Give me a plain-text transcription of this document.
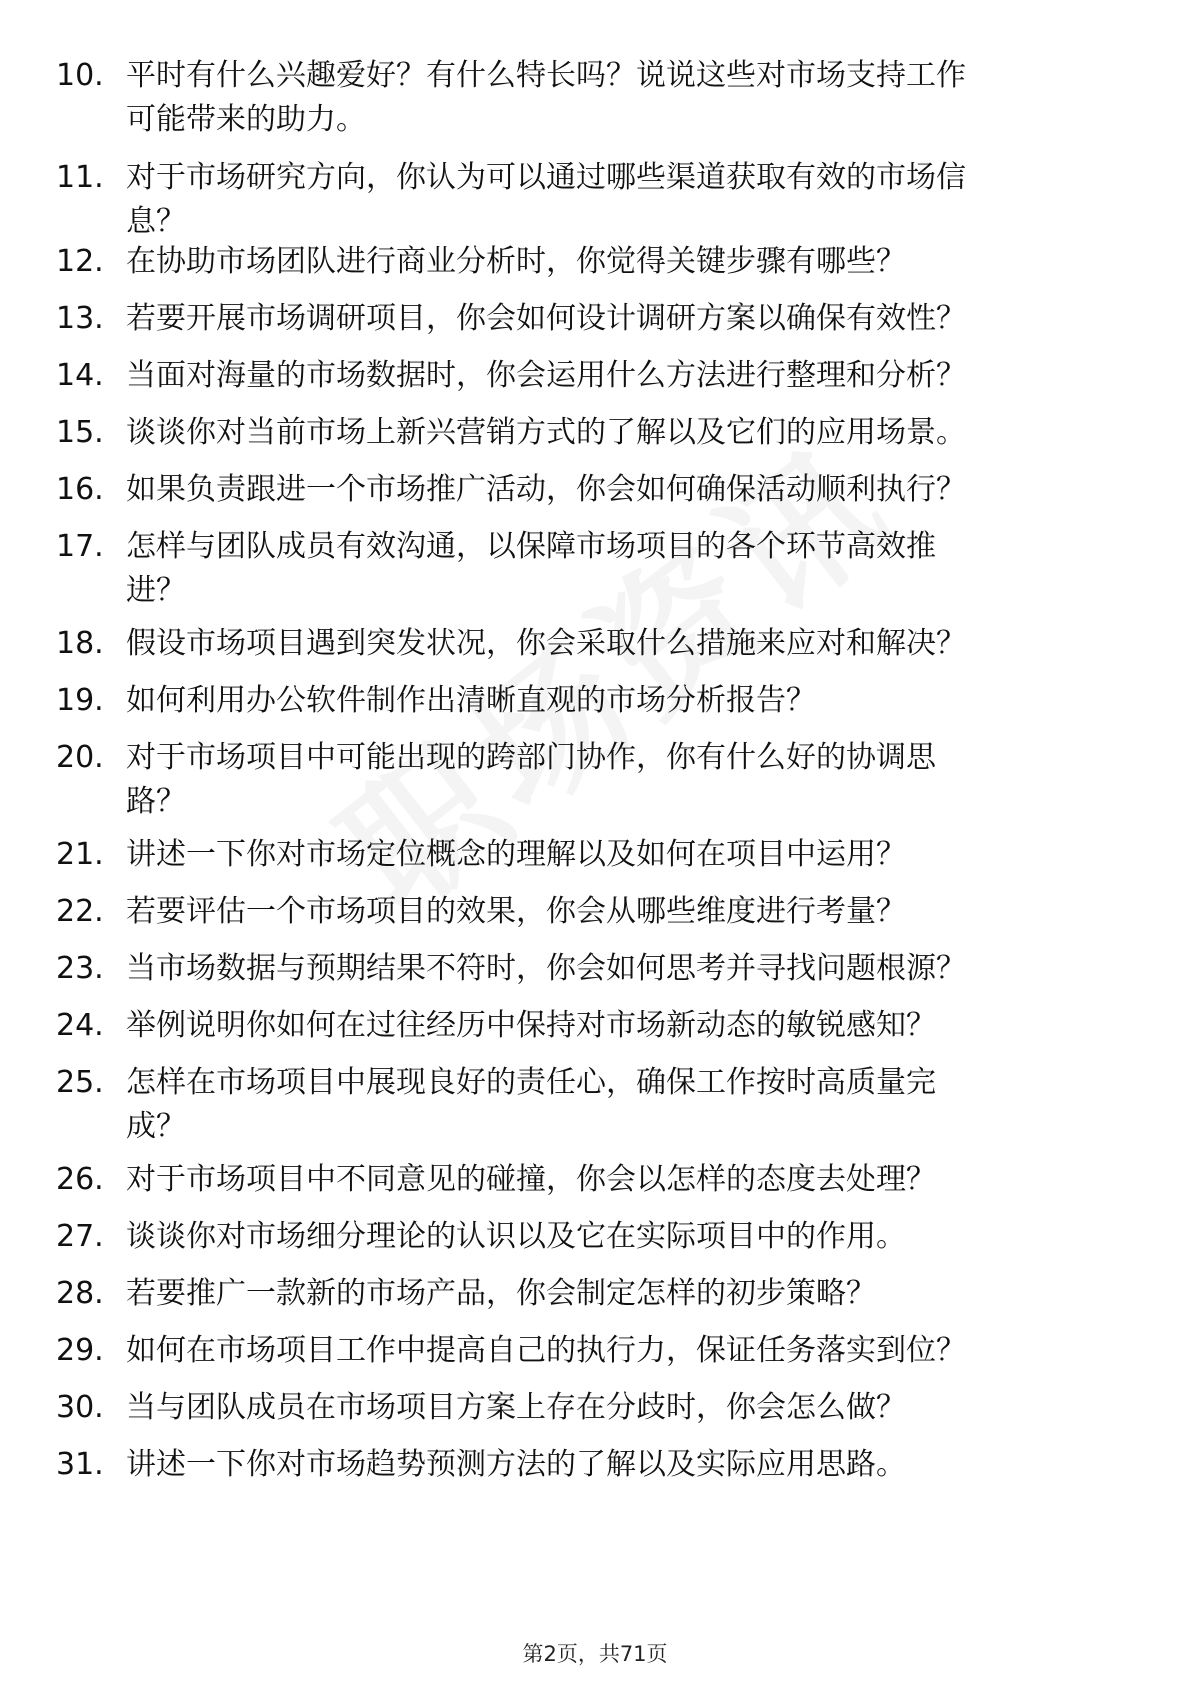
10. 平时有什么兴趣爱好？有什么特长吗？说说这些对市场支持工作
可能带来的助力。
11. 对于市场研究方向，你认为可以通过哪些渠道获取有效的市场信
息？
12. 在协助市场团队进行商业分析时，你觉得关键步骤有哪些？
13. 若要开展市场调研项目，你会如何设计调研方案以确保有效性？
14. 当面对海量的市场数据时，你会运用什么方法进行整理和分析？
15. 谈谈你对当前市场上新兴营销方式的了解以及它们的应用场景。
16. 如果负责跟进一个市场推广活动，你会如何确保活动顺利执行？
17. 怎样与团队成员有效沟通，以保障市场项目的各个环节高效推
进？
18. 假设市场项目遇到突发状况，你会采取什么措施来应对和解决？
19. 如何利用办公软件制作出清晰直观的市场分析报告？
20. 对于市场项目中可能出现的跨部门协作，你有什么好的协调思
路？
21. 讲述一下你对市场定位概念的理解以及如何在项目中运用？
22. 若要评估一个市场项目的效果，你会从哪些维度进行考量？
23. 当市场数据与预期结果不符时，你会如何思考并寻找问题根源？
24. 举例说明你如何在过往经历中保持对市场新动态的敏锐感知？
25. 怎样在市场项目中展现良好的责任心，确保工作按时高质量完
成？
26. 对于市场项目中不同意见的碰撞，你会以怎样的态度去处理？
27. 谈谈你对市场细分理论的认识以及它在实际项目中的作用。
28. 若要推广一款新的市场产品，你会制定怎样的初步策略？
29. 如何在市场项目工作中提高自己的执行力，保证任务落实到位？
30. 当与团队成员在市场项目方案上存在分歧时，你会怎么做？
31. 讲述一下你对市场趋势预测方法的了解以及实际应用思路。
第2页，共71页
